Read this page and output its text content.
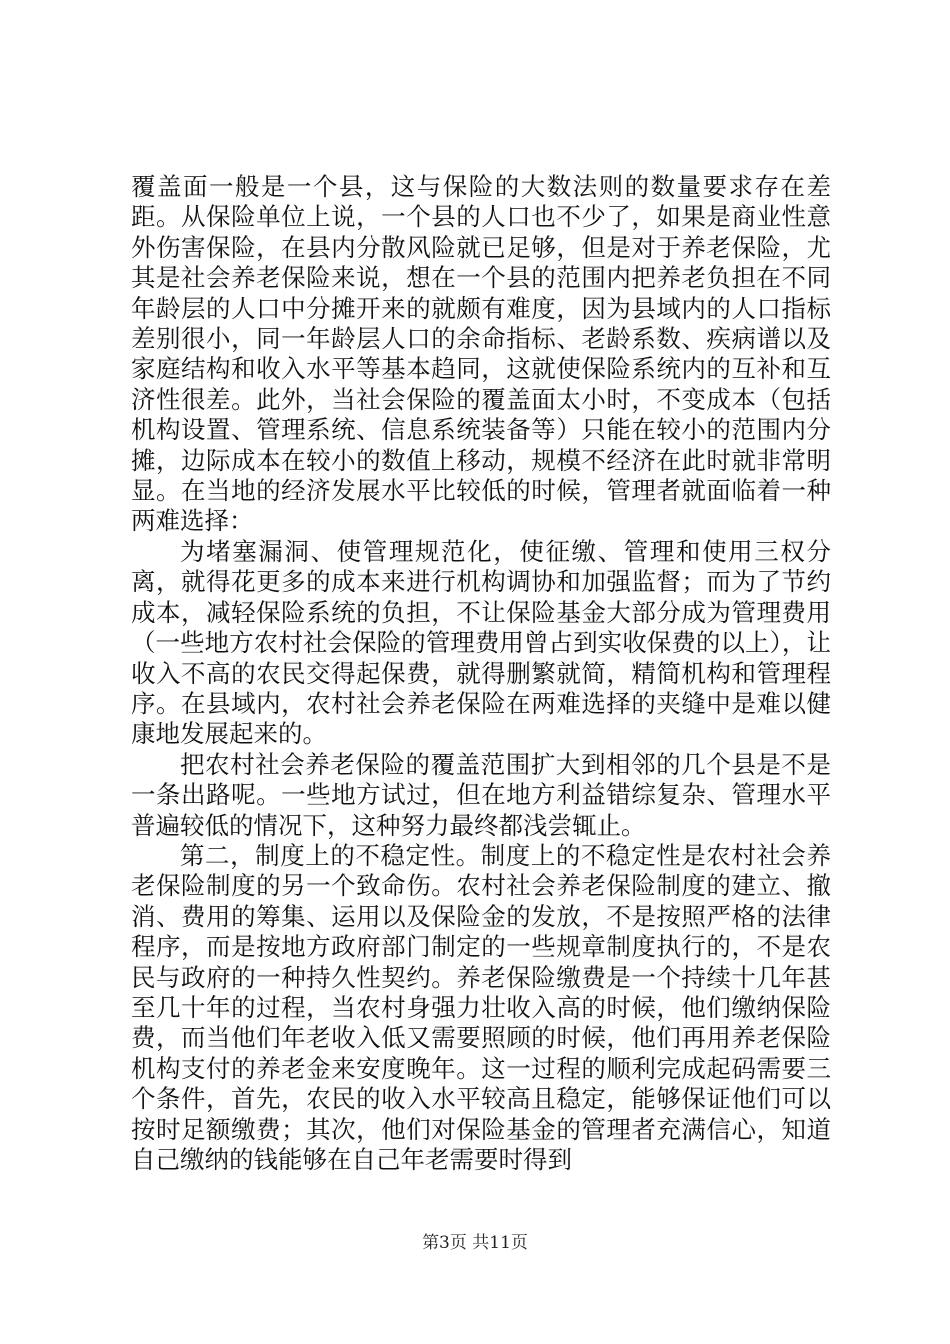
覆盖面一般是一个县，这与保险的大数法则的数量要求存在差距。从保险单位上说，一个县的人口也不少了，如果是商业性意外伤害保险，在县内分散风险就已足够，但是对于养老保险，尤其是社会养老保险来说，想在一个县的范围内把养老负担在不同年龄层的人口中分摊开来的就颇有难度，因为县域内的人口指标差别很小，同一年龄层人口的余命指标、老龄系数、疾病谱以及家庭结构和收入水平等基本趋同，这就使保险系统内的互补和互济性很差。此外，当社会保险的覆盖面太小时，不变成本（包括机构设置、管理系统、信息系统装备等）只能在较小的范围内分摊，边际成本在较小的数值上移动，规模不经济在此时就非常明显。在当地的经济发展水平比较低的时候，管理者就面临着一种两难选择：

为堵塞漏洞、使管理规范化，使征缴、管理和使用三权分离，就得花更多的成本来进行机构调协和加强监督；而为了节约成本，减轻保险系统的负担，不让保险基金大部分成为管理费用（一些地方农村社会保险的管理费用曾占到实收保费的以上），让收入不高的农民交得起保费，就得删繁就简，精简机构和管理程序。在县域内，农村社会养老保险在两难选择的夹缝中是难以健康地发展起来的。

把农村社会养老保险的覆盖范围扩大到相邻的几个县是不是一条出路呢。一些地方试过，但在地方利益错综复杂、管理水平普遍较低的情况下，这种努力最终都浅尝辄止。

第二，制度上的不稳定性。制度上的不稳定性是农村社会养老保险制度的另一个致命伤。农村社会养老保险制度的建立、撤消、费用的筹集、运用以及保险金的发放，不是按照严格的法律程序，而是按地方政府部门制定的一些规章制度执行的，不是农民与政府的一种持久性契约。养老保险缴费是一个持续十几年甚至几十年的过程，当农村身强力壮收入高的时候，他们缴纳保险费，而当他们年老收入低又需要照顾的时候，他们再用养老保险机构支付的养老金来安度晚年。这一过程的顺利完成起码需要三个条件，首先，农民的收入水平较高且稳定，能够保证他们可以按时足额缴费；其次，他们对保险基金的管理者充满信心，知道自己缴纳的钱能够在自己年老需要时得到

第3页 共11页
